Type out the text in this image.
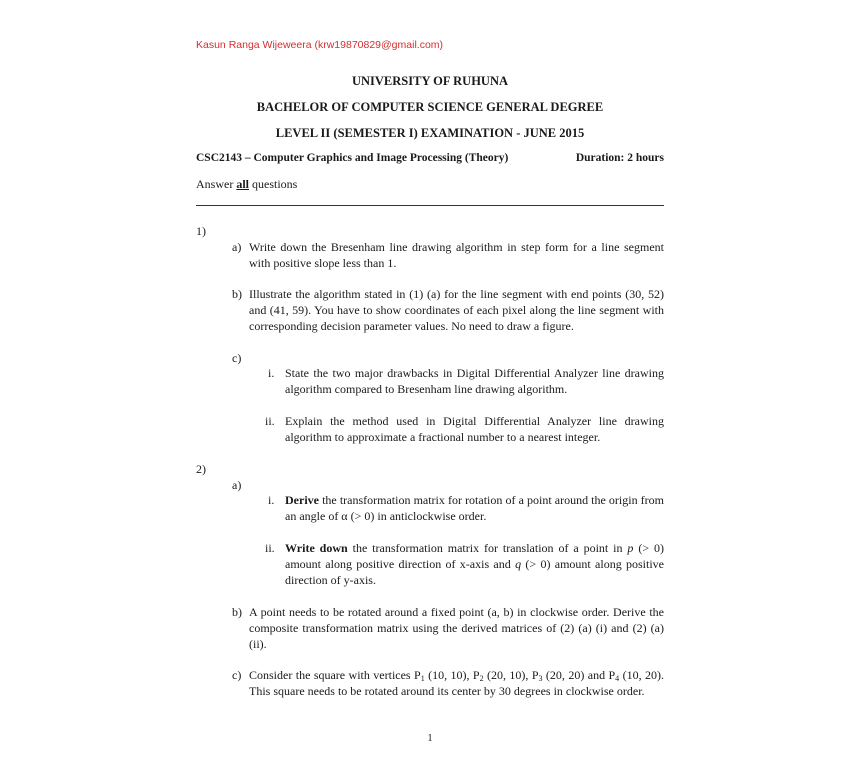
Kasun Ranga Wijeweera (krw19870829@gmail.com)
UNIVERSITY OF RUHUNA
BACHELOR OF COMPUTER SCIENCE GENERAL DEGREE
LEVEL II (SEMESTER I) EXAMINATION - JUNE 2015
CSC2143 – Computer Graphics and Image Processing (Theory)	Duration: 2 hours
Answer all questions
1)
a) Write down the Bresenham line drawing algorithm in step form for a line segment with positive slope less than 1.
b) Illustrate the algorithm stated in (1) (a) for the line segment with end points (30, 52) and (41, 59). You have to show coordinates of each pixel along the line segment with corresponding decision parameter values. No need to draw a figure.
c)
i. State the two major drawbacks in Digital Differential Analyzer line drawing algorithm compared to Bresenham line drawing algorithm.
ii. Explain the method used in Digital Differential Analyzer line drawing algorithm to approximate a fractional number to a nearest integer.
2)
a)
i. Derive the transformation matrix for rotation of a point around the origin from an angle of α (> 0) in anticlockwise order.
ii. Write down the transformation matrix for translation of a point in p (> 0) amount along positive direction of x-axis and q (> 0) amount along positive direction of y-axis.
b) A point needs to be rotated around a fixed point (a, b) in clockwise order. Derive the composite transformation matrix using the derived matrices of (2) (a) (i) and (2) (a) (ii).
c) Consider the square with vertices $P_1$ (10, 10), $P_2$ (20, 10), $P_3$ (20, 20) and $P_4$ (10, 20). This square needs to be rotated around its center by 30 degrees in clockwise order.
1
